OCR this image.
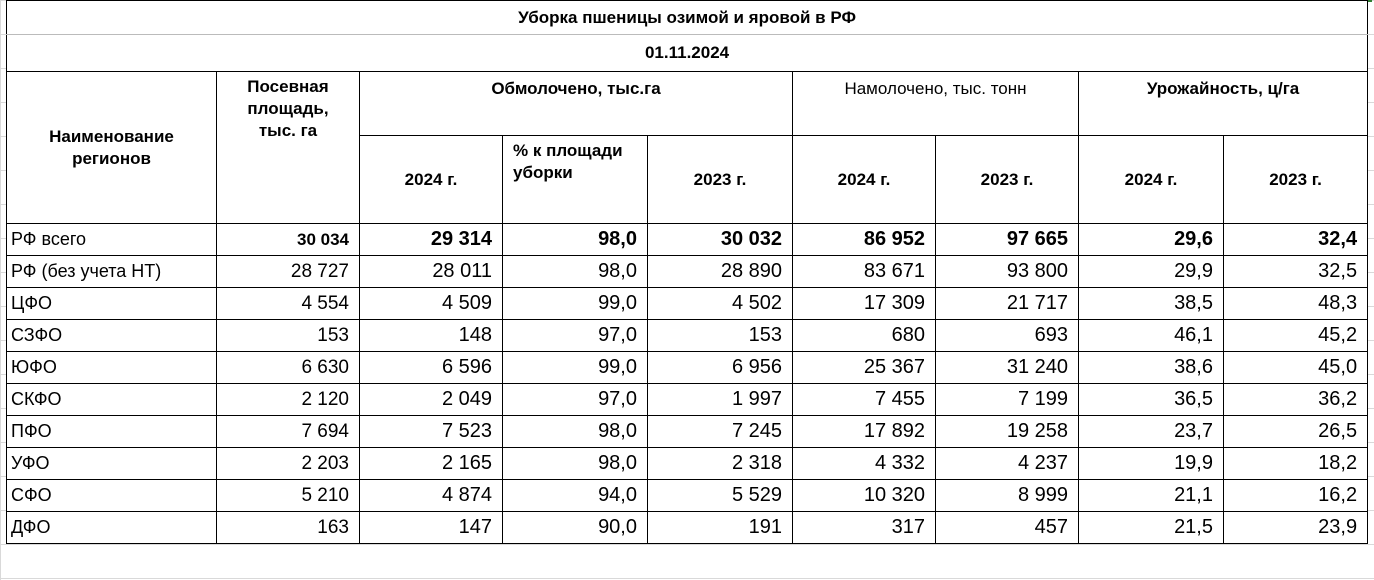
Уборка пшеницы озимой и яровой в РФ								
01.11.2024								
Наименование регионов	Посевная площадь, тыс. га	Обмолочено, тыс.га			Намолочено, тыс. тонн		Урожайность, ц/га	
		2024 г.	% к площади уборки	2023 г.	2024 г.	2023 г.	2024 г.	2023 г.
РФ всего	30 034	29 314	98,0	30 032	86 952	97 665	29,6	32,4
РФ (без учета НТ)	28 727	28 011	98,0	28 890	83 671	93 800	29,9	32,5
ЦФО	4 554	4 509	99,0	4 502	17 309	21 717	38,5	48,3
СЗФО	153	148	97,0	153	680	693	46,1	45,2
ЮФО	6 630	6 596	99,0	6 956	25 367	31 240	38,6	45,0
СКФО	2 120	2 049	97,0	1 997	7 455	7 199	36,5	36,2
ПФО	7 694	7 523	98,0	7 245	17 892	19 258	23,7	26,5
УФО	2 203	2 165	98,0	2 318	4 332	4 237	19,9	18,2
СФО	5 210	4 874	94,0	5 529	10 320	8 999	21,1	16,2
ДФО	163	147	90,0	191	317	457	21,5	23,9
